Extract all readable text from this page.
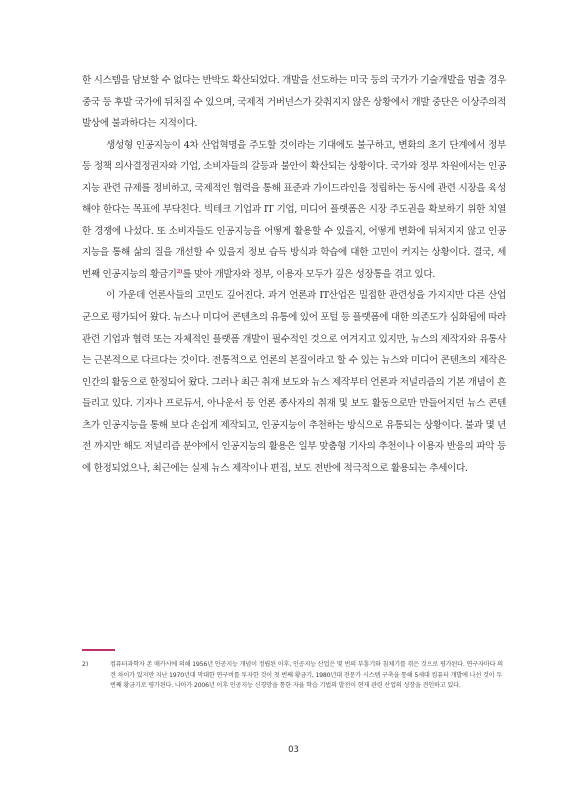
한 시스템을 담보할 수 없다는 반박도 확산되었다. 개발을 선도하는 미국 등의 국가가 기술개발을 멈출 경우 중국 등 후발 국가에 뒤처질 수 있으며, 국제적 거버넌스가 갖춰지지 않은 상황에서 개발 중단은 이상주의적 발상에 불과하다는 지적이다.

생성형 인공지능이 4차 산업혁명을 주도할 것이라는 기대에도 불구하고, 변화의 초기 단계에서 정부 등 정책 의사결정권자와 기업, 소비자들의 갈등과 불안이 확산되는 상황이다. 국가와 정부 차원에서는 인공지능 관련 규제를 정비하고, 국제적인 협력을 통해 표준과 가이드라인을 정립하는 동시에 관련 시장을 육성해야 한다는 목표에 부닥친다. 빅테크 기업과 IT 기업, 미디어 플랫폼은 시장 주도권을 확보하기 위한 치열한 경쟁에 나섰다. 또 소비자들도 인공지능을 어떻게 활용할 수 있을지, 어떻게 변화에 뒤처지지 않고 인공지능을 통해 삶의 질을 개선할 수 있을지 정보 습득 방식과 학습에 대한 고민이 커지는 상황이다. 결국, 세 번째 인공지능의 황금기$^{2)}$를 맞아 개발자와 정부, 이용자 모두가 깊은 성장통을 겪고 있다.

이 가운데 언론사들의 고민도 깊어진다. 과거 언론과 IT산업은 밀접한 관련성을 가지지만 다른 산업군으로 평가되어 왔다. 뉴스나 미디어 콘텐츠의 유통에 있어 포털 등 플랫폼에 대한 의존도가 심화됨에 따라 관련 기업과 협력 또는 자체적인 플랫폼 개발이 필수적인 것으로 여겨지고 있지만, 뉴스의 제작자와 유통사는 근본적으로 다르다는 것이다. 전통적으로 언론의 본질이라고 할 수 있는 뉴스와 미디어 콘텐츠의 제작은 인간의 활동으로 한정되어 왔다. 그러나 최근 취재 보도와 뉴스 제작부터 언론과 저널리즘의 기본 개념이 흔들리고 있다. 기자나 프로듀서, 아나운서 등 언론 종사자의 취재 및 보도 활동으로만 만들어지던 뉴스 콘텐츠가 인공지능을 통해 보다 손쉽게 제작되고, 인공지능이 추천하는 방식으로 유통되는 상황이다. 불과 몇 년 전 까지만 해도 저널리즘 분야에서 인공지능의 활용은 일부 맞춤형 기사의 추천이나 이용자 반응의 파악 등에 한정되었으나, 최근에는 실제 뉴스 제작이나 편집, 보도 전반에 적극적으로 활용되는 추세이다.

2)	컴퓨터과학자 존 매카시에 의해 1956년 인공지능 개념이 정립된 이후, 인공지능 산업은 몇 번의 부흥기와 침체기를 겪은 것으로 평가된다. 연구자마다 의견 차이가 있지만 지난 1970년대 막대한 연구비를 투자한 것이 첫 번째 황금기, 1980년대 전문가 시스템 구축을 통해 5세대 컴퓨터 개발에 나선 것이 두 번째 황금기로 평가된다. 나아가 2006년 이후 인공지능 신경망을 통한 자율 학습 기법의 발전이 현재 관련 산업의 성장을 견인하고 있다.
03
